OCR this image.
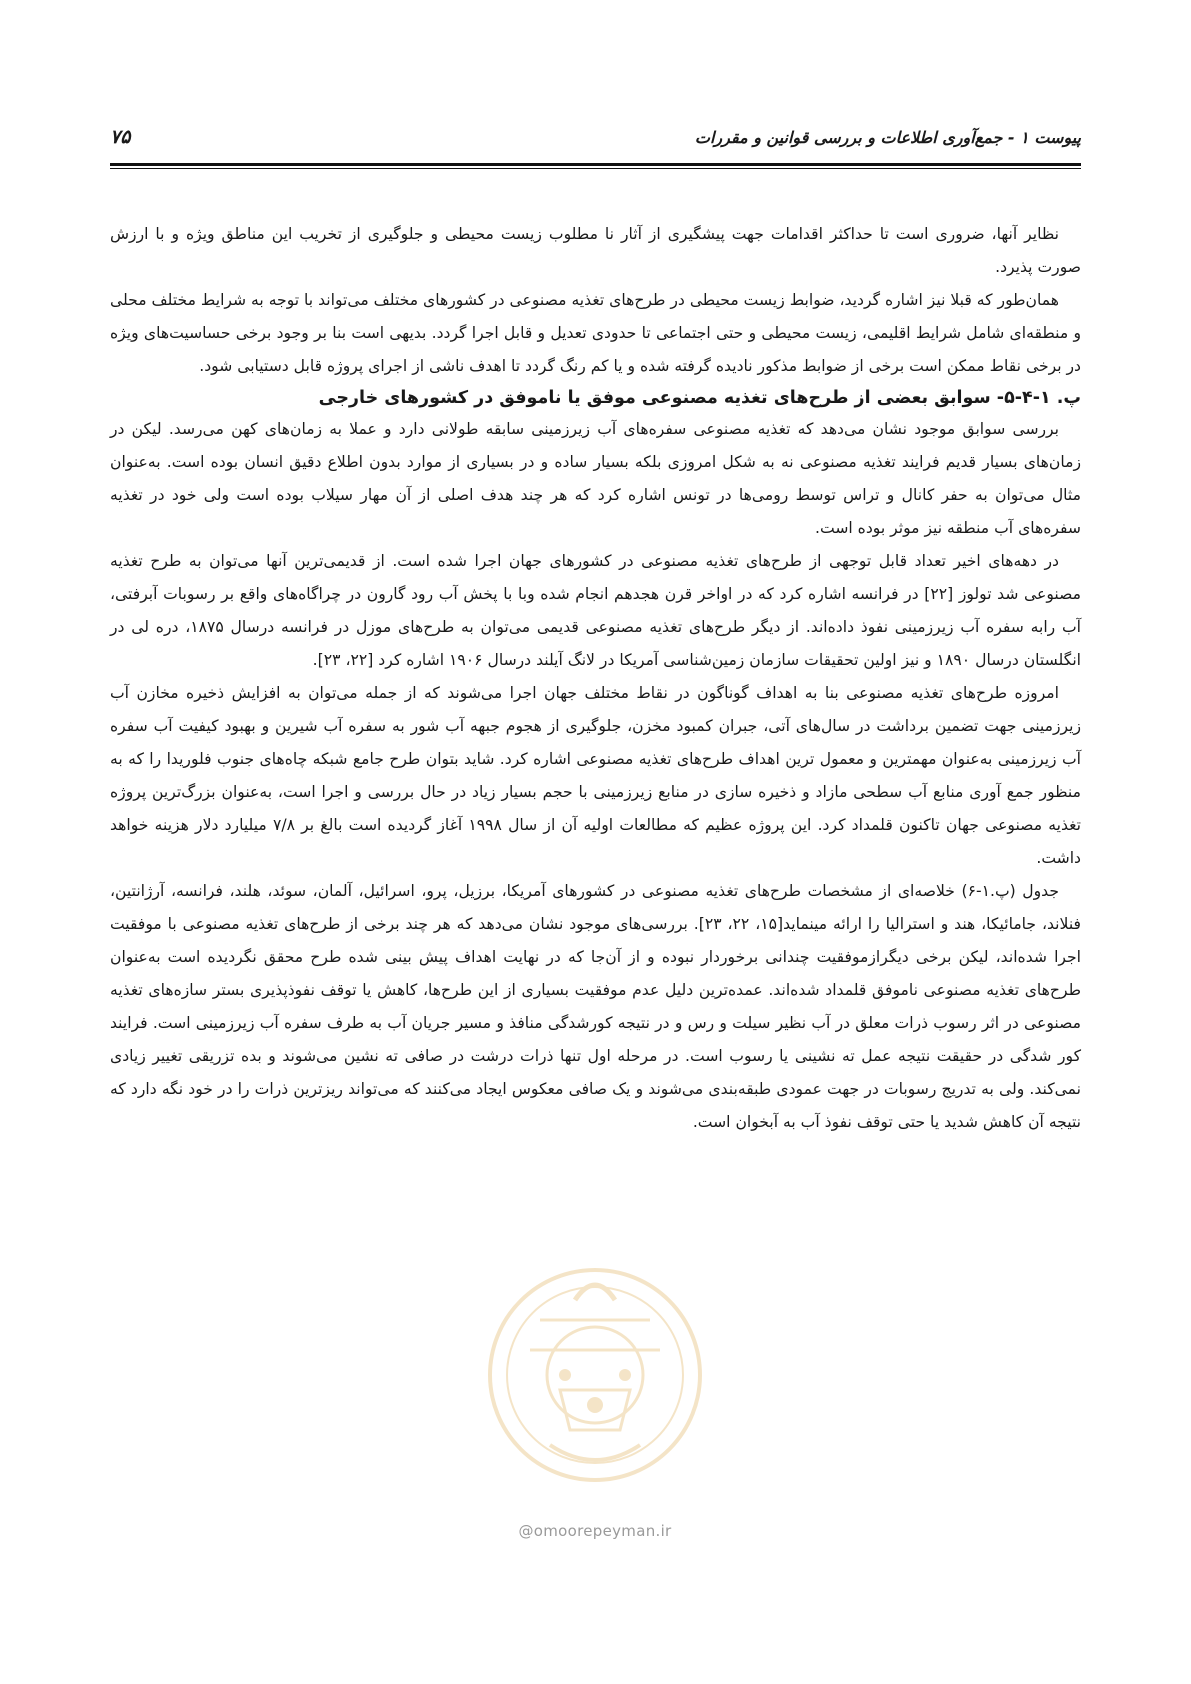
پیوست ۱ - جمع‌آوری اطلاعات و بررسی قوانین و مقررات
۷۵

نظایر آنها، ضروری است تا حداکثر اقدامات جهت پیشگیری از آثار نا مطلوب زیست محیطی و جلوگیری از تخریب این مناطق ویژه و با ارزش صورت پذیرد.

همان‌طور که قبلا نیز اشاره گردید، ضوابط زیست محیطی در طرح‌های تغذیه مصنوعی در کشورهای مختلف می‌تواند با توجه به شرایط مختلف محلی و منطقه‌ای شامل شرایط اقلیمی، زیست محیطی و حتی اجتماعی تا حدودی تعدیل و قابل اجرا گردد. بدیهی است بنا بر وجود برخی حساسیت‌های ویژه در برخی نقاط ممکن است برخی از ضوابط مذکور نادیده گرفته شده و یا کم رنگ گردد تا اهدف ناشی از اجرای پروژه قابل دستیابی شود.

پ. ۱-۴-۵- سوابق بعضی از طرح‌های تغذیه مصنوعی موفق یا ناموفق در کشورهای خارجی

بررسی سوابق موجود نشان می‌دهد که تغذیه مصنوعی سفره‌های آب زیرزمینی سابقه طولانی دارد و عملا به زمان‌های کهن می‌رسد. لیکن در زمان‌های بسیار قدیم فرایند تغذیه مصنوعی نه به شکل امروزی بلکه بسیار ساده و در بسیاری از موارد بدون اطلاع دقیق انسان بوده است. به‌عنوان مثال می‌توان به حفر کانال و تراس توسط رومی‌ها در تونس اشاره کرد که هر چند هدف اصلی از آن مهار سیلاب بوده است ولی خود در تغذیه سفره‌های آب منطقه نیز موثر بوده است.

در دهه‌های اخیر تعداد قابل توجهی از طرح‌های تغذیه مصنوعی در کشورهای جهان اجرا شده است. از قدیمی‌ترین آنها می‌توان به طرح تغذیه مصنوعی شد تولوز [۲۲] در فرانسه اشاره کرد که در اواخر قرن هجدهم انجام شده وبا با پخش آب رود گارون در چراگاه‌های واقع بر رسوبات آبرفتی، آب رابه سفره آب زیرزمینی نفوذ داده‌اند. از دیگر طرح‌های تغذیه مصنوعی قدیمی می‌توان به طرح‌های موزل در فرانسه درسال ۱۸۷۵، دره لی در انگلستان درسال ۱۸۹۰ و نیز اولین تحقیقات سازمان زمین‌شناسی آمریکا در لانگ آیلند درسال ۱۹۰۶ اشاره کرد [۲۲، ۲۳].

امروزه طرح‌های تغذیه مصنوعی بنا به اهداف گوناگون در نقاط مختلف جهان اجرا می‌شوند که از جمله می‌توان به افزایش ذخیره مخازن آب زیرزمینی جهت تضمین برداشت در سال‌های آتی، جبران کمبود مخزن، جلوگیری از هجوم جبهه آب شور به سفره آب شیرین و بهبود کیفیت آب سفره آب زیرزمینی به‌عنوان مهمترین و معمول ترین اهداف طرح‌های تغذیه مصنوعی اشاره کرد. شاید بتوان طرح جامع شبکه چاه‌های جنوب فلوریدا را که به منظور جمع آوری منابع آب سطحی مازاد و ذخیره سازی در منابع زیرزمینی با حجم بسیار زیاد در حال بررسی و اجرا است، به‌عنوان بزرگ‌ترین پروژه تغذیه مصنوعی جهان تاکنون قلمداد کرد. این پروژه عظیم که مطالعات اولیه آن از سال ۱۹۹۸ آغاز گردیده است بالغ بر ۷/۸ میلیارد دلار هزینه خواهد داشت.

جدول (پ.۱-۶) خلاصه‌ای از مشخصات طرح‌های تغذیه مصنوعی در کشورهای آمریکا، برزیل، پرو، اسرائیل، آلمان، سوئد، هلند، فرانسه، آرژانتین، فنلاند، جامائیکا، هند و استرالیا را ارائه مینماید[۱۵، ۲۲، ۲۳]. بررسی‌های موجود نشان می‌دهد که هر چند برخی از طرح‌های تغذیه مصنوعی با موفقیت اجرا شده‌اند، لیکن برخی دیگرازموفقیت چندانی برخوردار نبوده و از آن‌جا که در نهایت اهداف پیش بینی شده طرح محقق نگردیده است به‌عنوان طرح‌های تغذیه مصنوعی ناموفق قلمداد شده‌اند. عمده‌ترین دلیل عدم موفقیت بسیاری از این طرح‌ها، کاهش یا توقف نفوذپذیری بستر سازه‌های تغذیه مصنوعی در اثر رسوب ذرات معلق در آب نظیر سیلت و رس و در نتیجه کورشدگی منافذ و مسیر جریان آب به طرف سفره آب زیرزمینی است. فرایند کور شدگی در حقیقت نتیجه عمل ته نشینی یا رسوب است. در مرحله اول تنها ذرات درشت در صافی ته نشین می‌شوند و بده تزریقی تغییر زیادی نمی‌کند. ولی به تدریج رسوبات در جهت عمودی طبقه‌بندی می‌شوند و یک صافی معکوس ایجاد می‌کنند که می‌تواند ریزترین ذرات را در خود نگه دارد که نتیجه آن کاهش شدید یا حتی توقف نفوذ آب به آبخوان است.

@omoorepeyman.ir
